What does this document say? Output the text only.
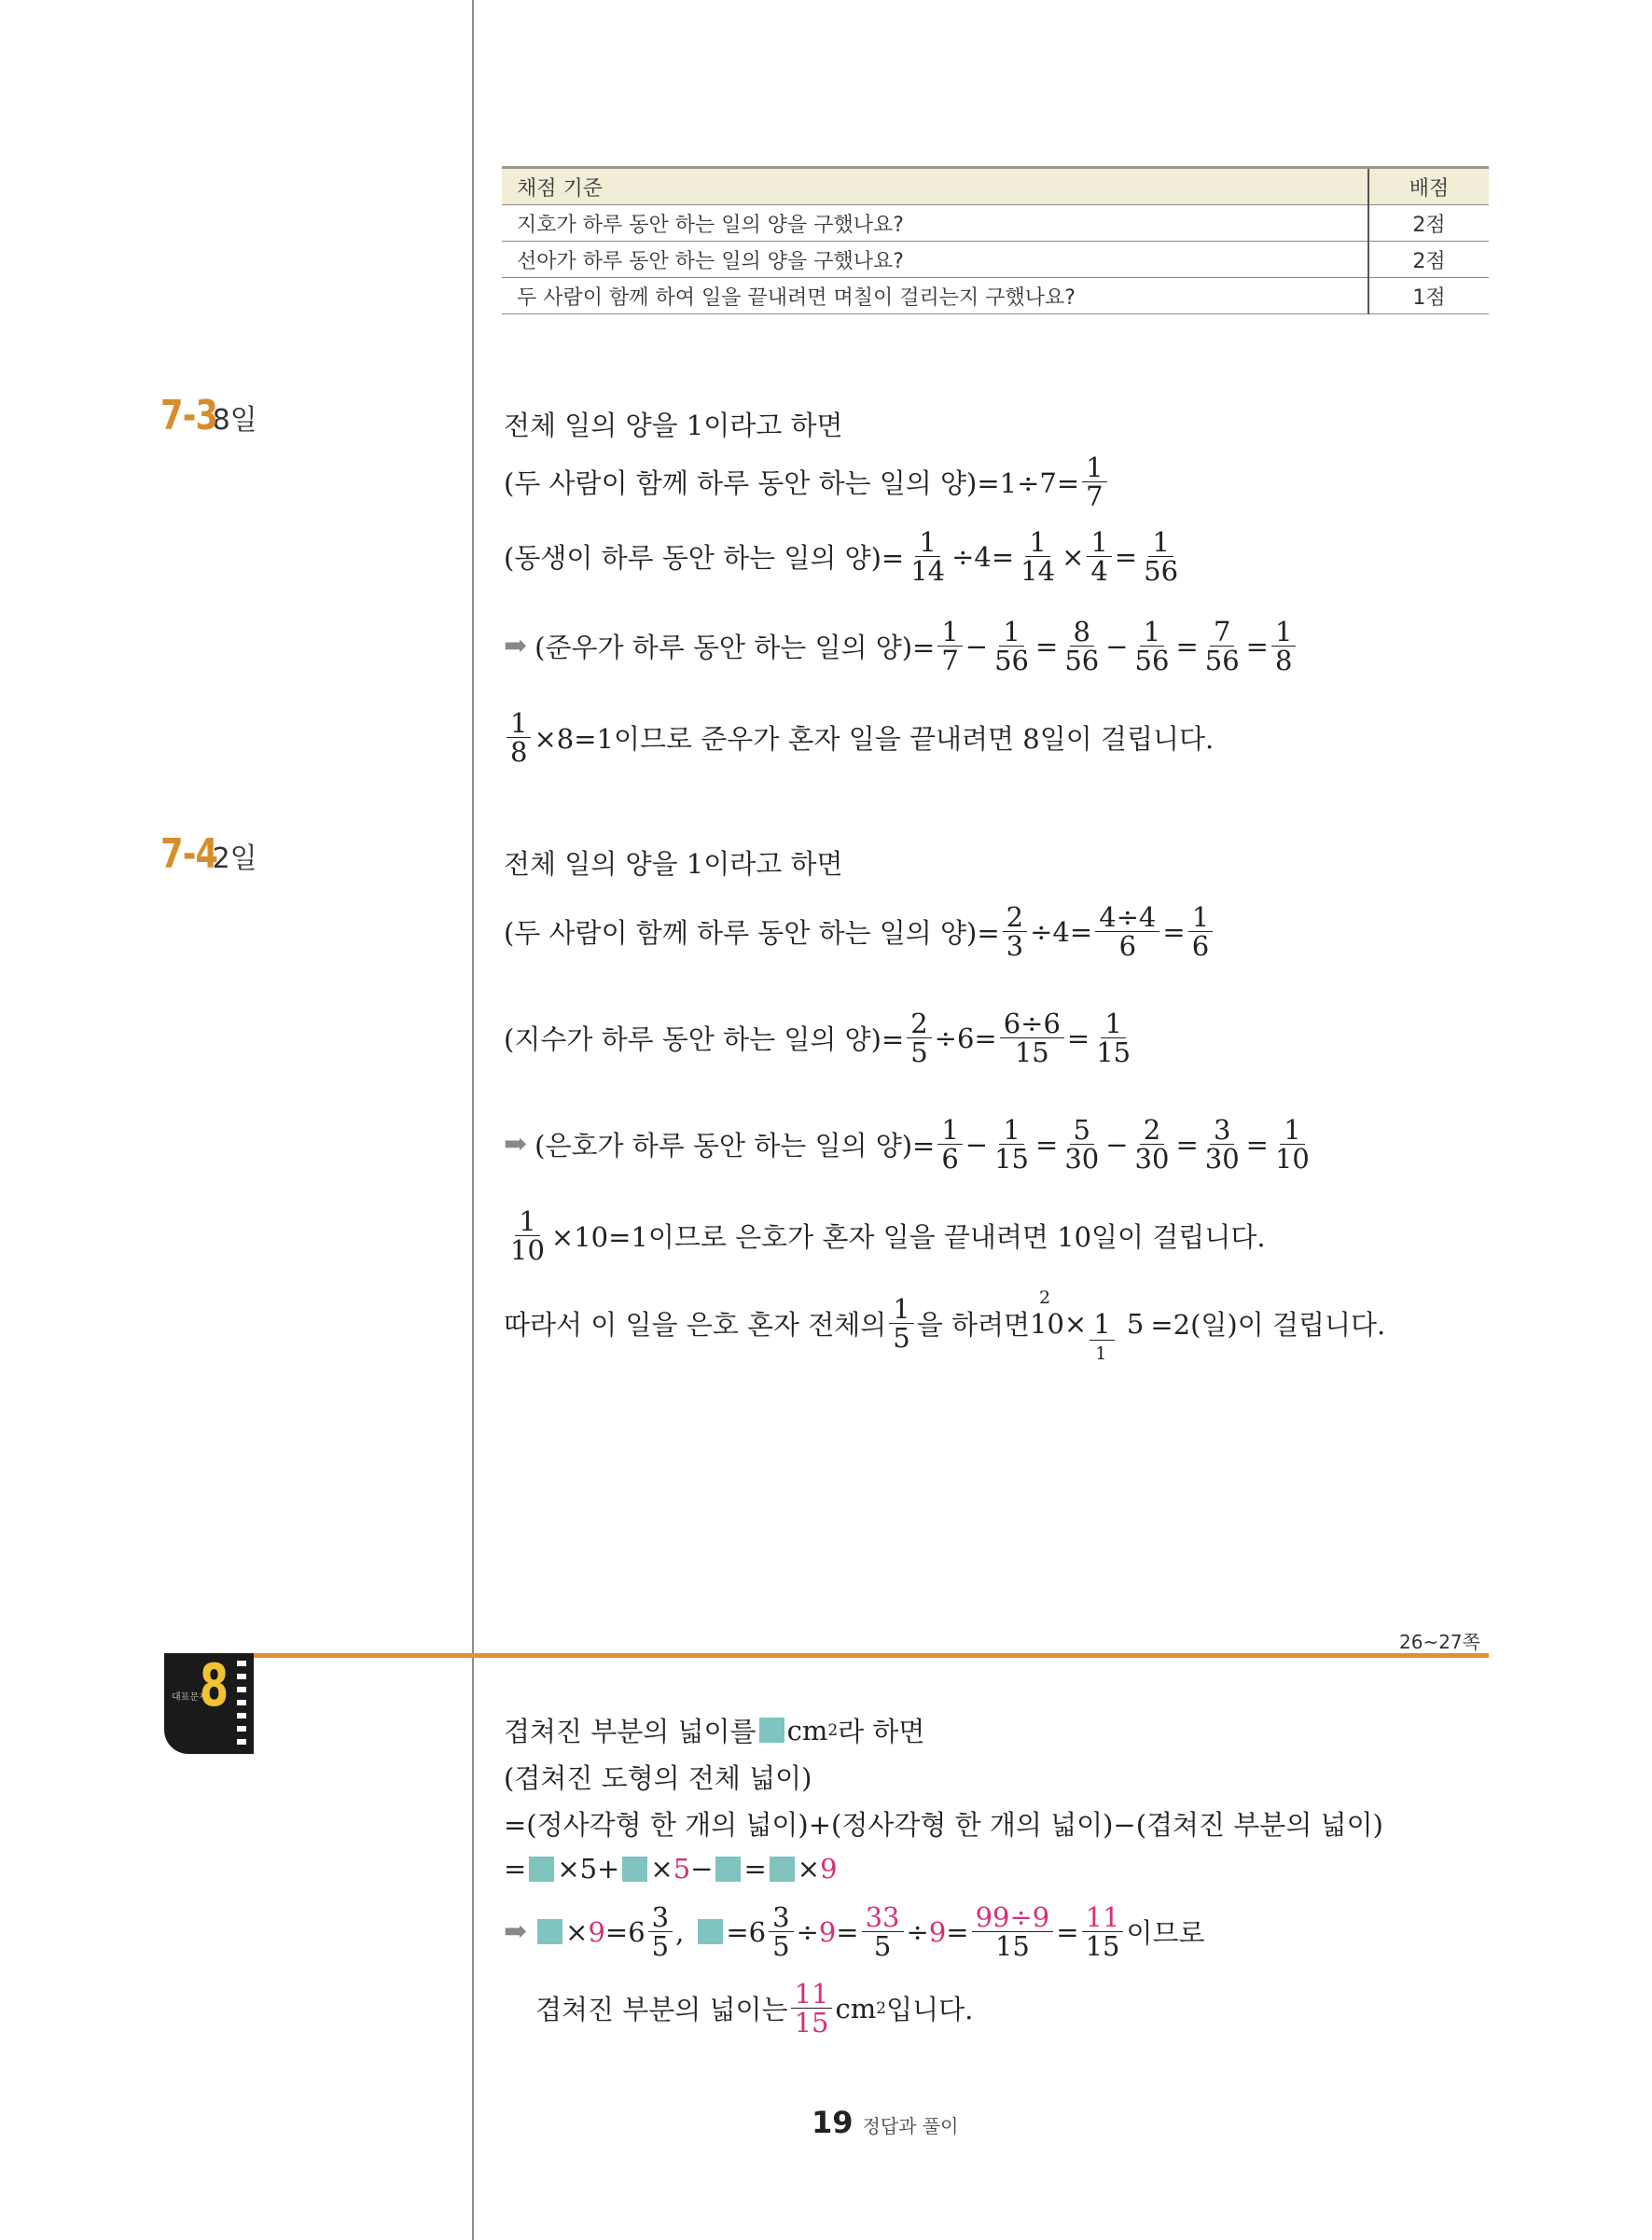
채점 기준	배점
지호가 하루 동안 하는 일의 양을 구했나요?	2점
선아가 하루 동안 하는 일의 양을 구했나요?	2점
두 사람이 함께 하여 일을 끝내려면 며칠이 걸리는지 구했나요?	1점
7-3 8일	전체 일의 양을 1이라고 하면
(두 사람이 함께 하루 동안 하는 일의 양)$=1\div 7= \frac{1}{7}$
(동생이 하루 동안 하는 일의 양)= $\frac{1}{14} \div 4= \frac{1}{14} \times \frac{1}{4} = \frac{1}{56}$
➡ (준우가 하루 동안 하는 일의 양)= $\frac{1}{7} - \frac{1}{56} = \frac{8}{56} - \frac{1}{56} = \frac{7}{56} = \frac{1}{8}$
$\frac{1}{8} \times 8=1$이므로 준우가 혼자 일을 끝내려면 8일이 걸립니다.
7-4 2일	전체 일의 양을 1이라고 하면
(두 사람이 함께 하루 동안 하는 일의 양)= $\frac{2}{3} \div 4= \frac{4\div 4}{6} = \frac{1}{6}$
(지수가 하루 동안 하는 일의 양)= $\frac{2}{5} \div 6= \frac{6\div 6}{15} = \frac{1}{15}$
➡ (은호가 하루 동안 하는 일의 양)= $\frac{1}{6} - \frac{1}{15} = \frac{5}{30} - \frac{2}{30} = \frac{3}{30} = \frac{1}{10}$
$\frac{1}{10} \times 10=1$이므로 은호가 혼자 일을 끝내려면 10일이 걸립니다.
따라서 이 일을 은호 혼자 전체의 $\frac{1}{5}$ 을 하려면
2
10 × 1 5
1
=2(일)이 걸립니다.
26~27쪽
대표문제
8
겹쳐진 부분의 넓이를 cm 2 라 하면
(겹쳐진 도형의 전체 넓이)
=(정사각형 한 개의 넓이)+(정사각형 한 개의 넓이)−(겹쳐진 부분의 넓이)
= ×5+ × 5 − = × 9
➡ × $9 =6 \frac{3}{5}$ , $=6 \frac{3}{5} \div 9 = \frac{33}{5} \div 9 = \frac{99\div 9}{15} = \frac{11}{15}$ 이므로
겹쳐진 부분의 넓이는 $\frac{11}{15}$ cm 2 입니다.
19 정답과 풀이
